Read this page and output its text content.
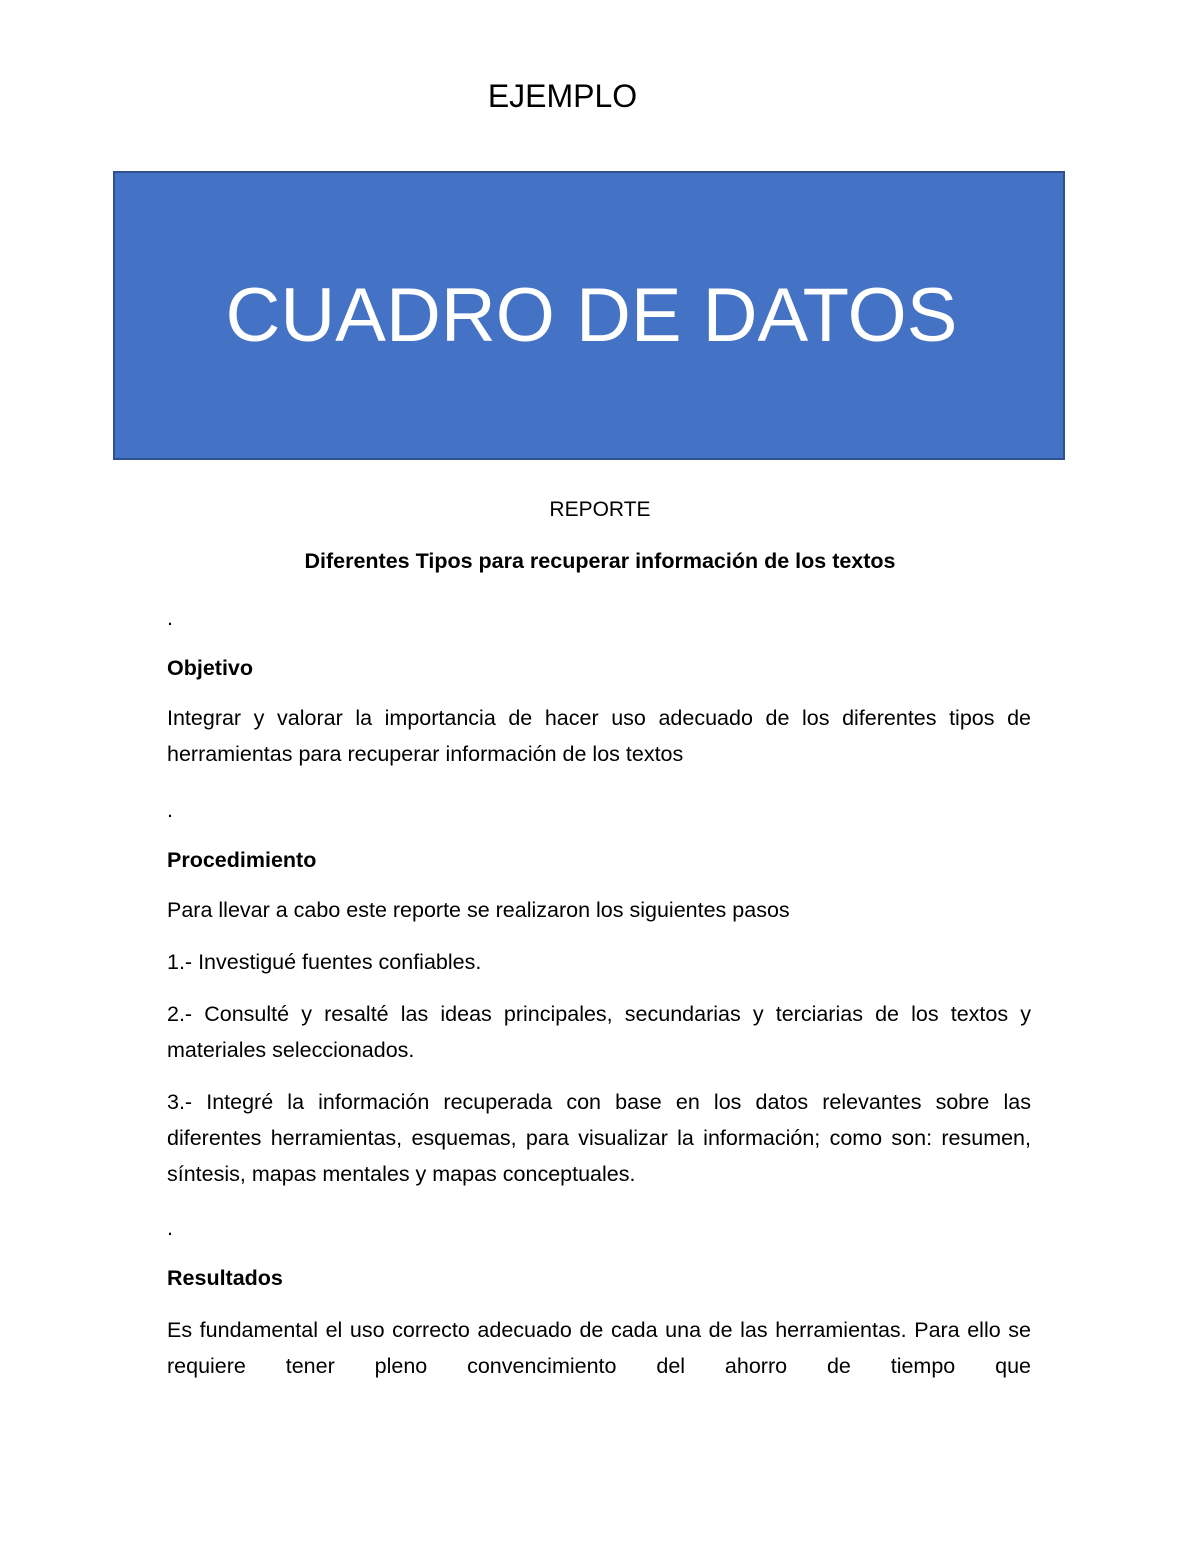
EJEMPLO
CUADRO DE DATOS
REPORTE
Diferentes Tipos para recuperar información de los textos
.
Objetivo
Integrar y valorar la importancia de hacer uso adecuado de los diferentes tipos de herramientas para recuperar información de los textos
.
Procedimiento
Para llevar a cabo este reporte se realizaron los siguientes pasos
1.- Investigué fuentes confiables.
2.- Consulté y resalté las ideas principales, secundarias y terciarias de los textos y materiales seleccionados.
3.- Integré la información recuperada con base en los datos relevantes sobre las diferentes herramientas, esquemas, para visualizar la información; como son: resumen, síntesis, mapas mentales y mapas conceptuales.
.
Resultados
Es fundamental el uso correcto adecuado de cada una de las herramientas. Para ello se requiere tener pleno convencimiento del ahorro de tiempo que
